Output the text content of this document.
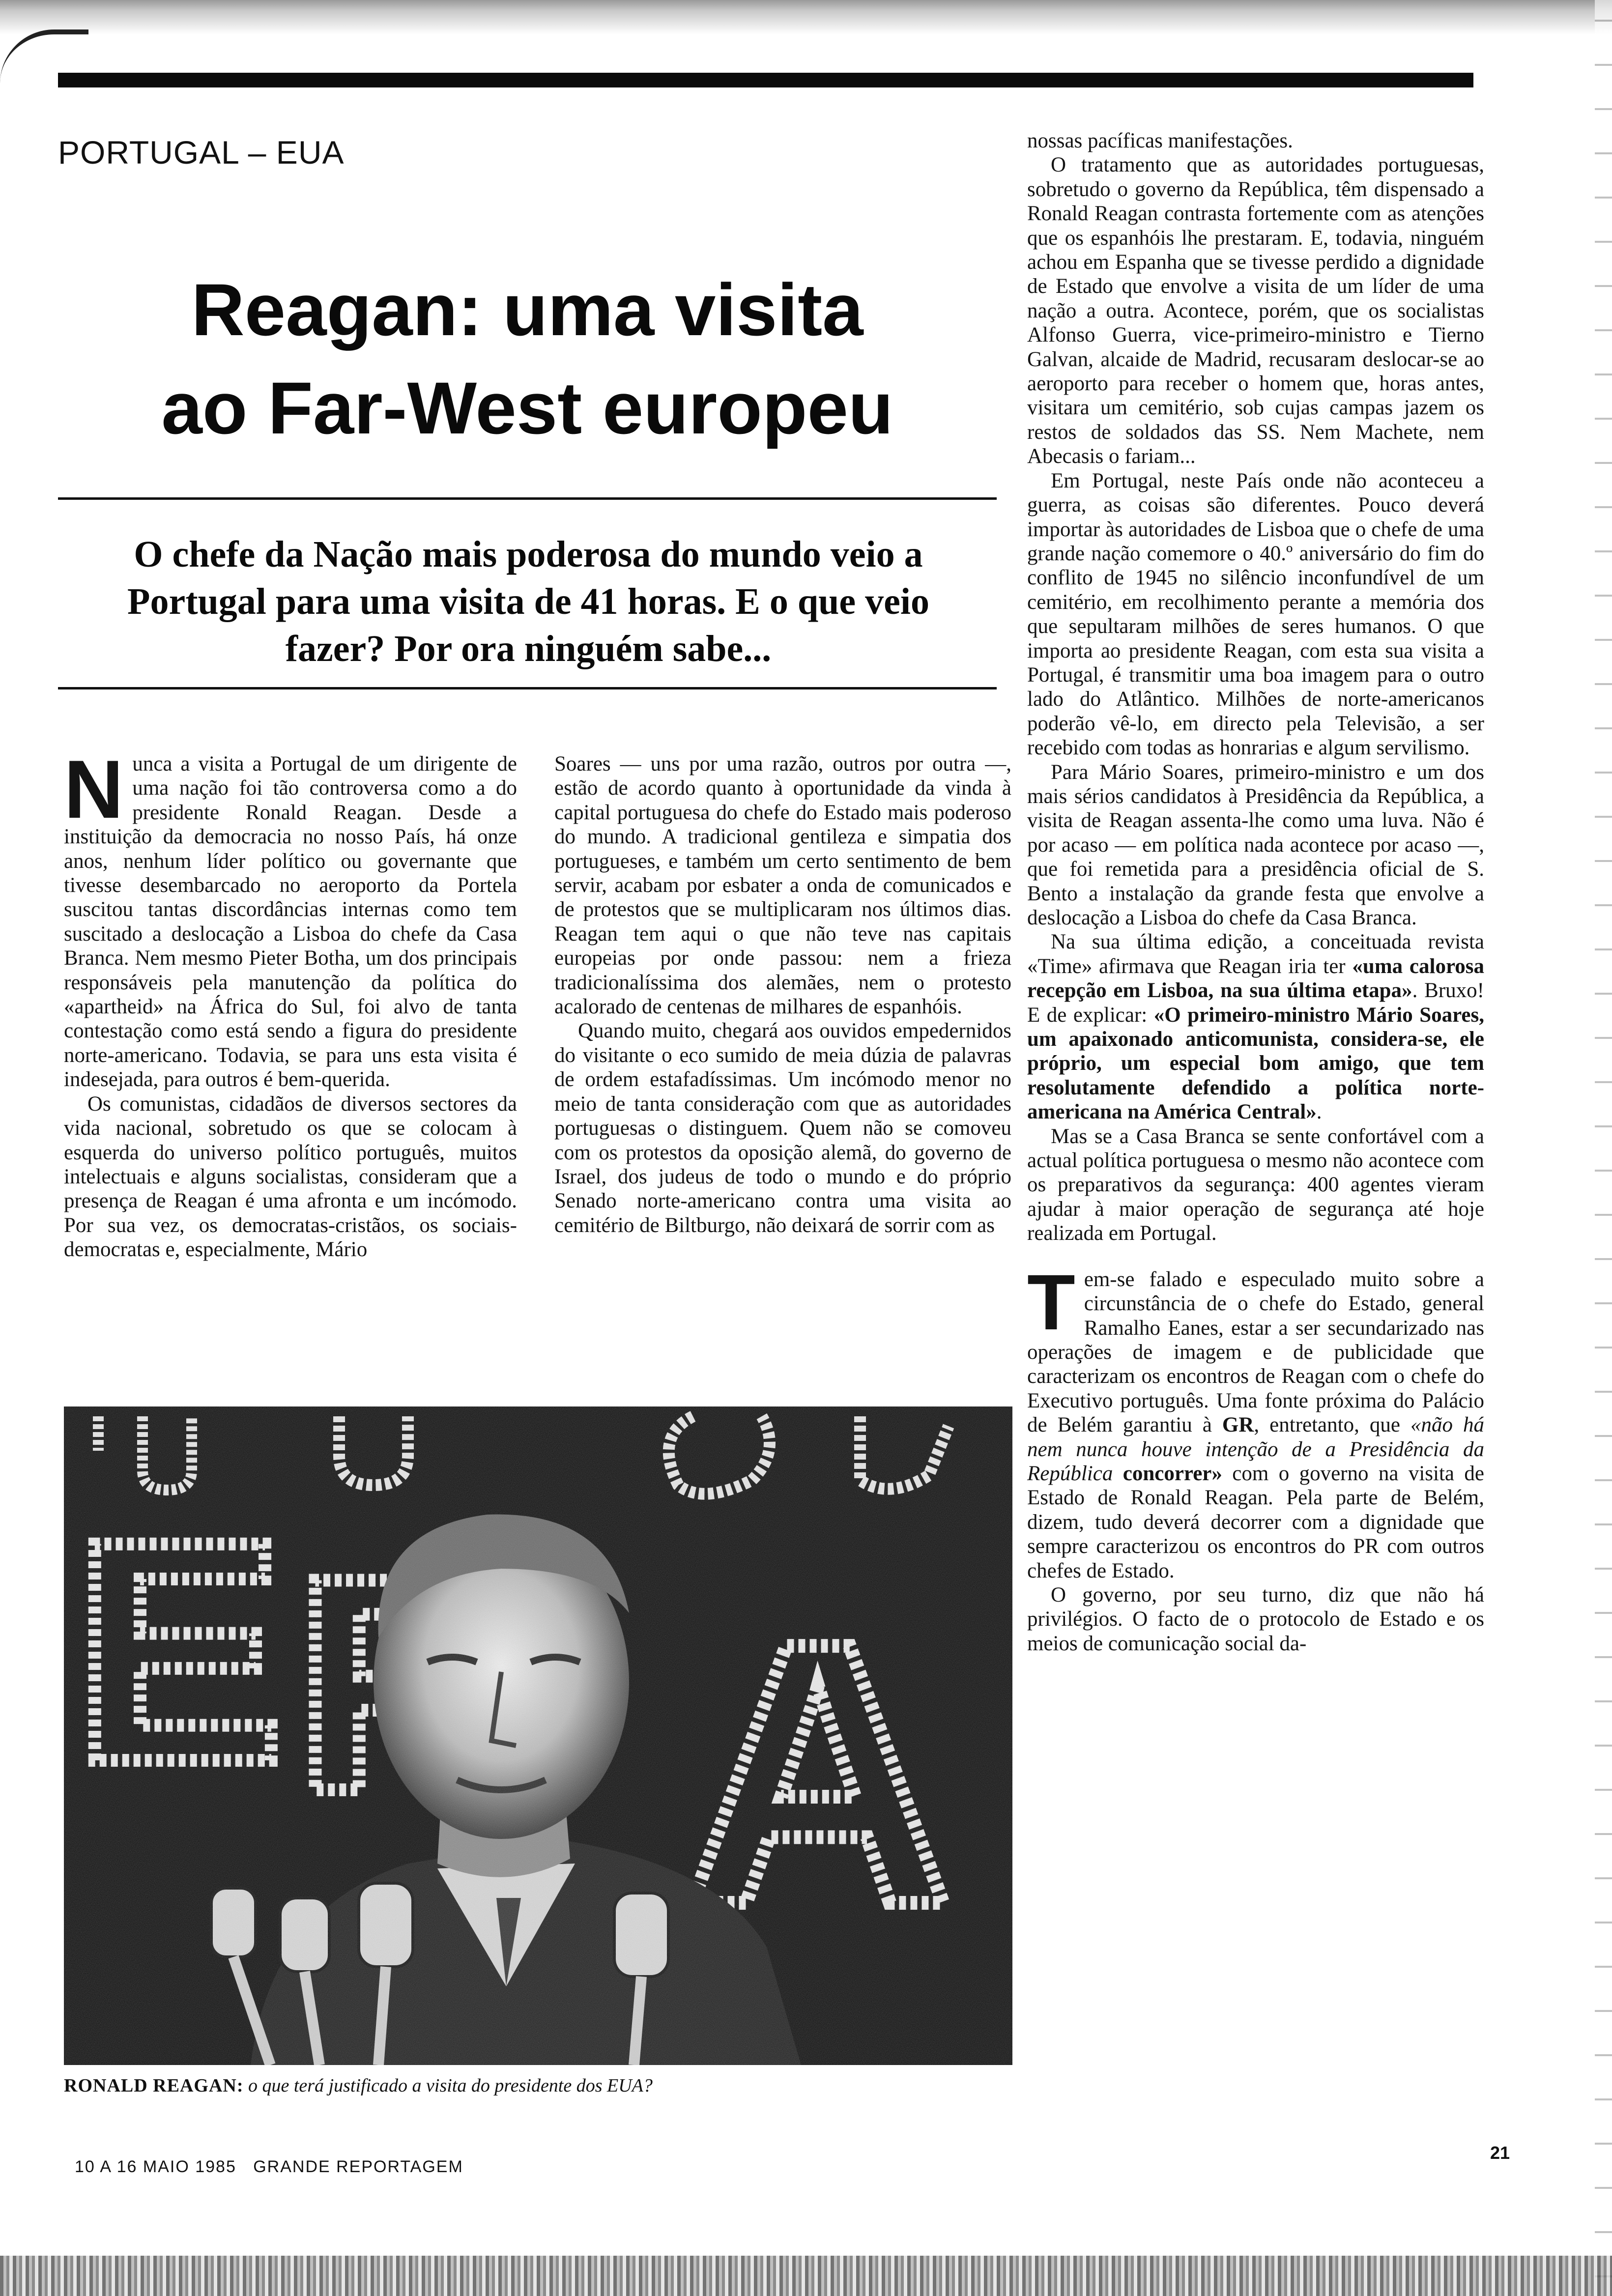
PORTUGAL – EUA
Reagan: uma visita
ao Far-West europeu
O chefe da Nação mais poderosa do mundo veio a Portugal para uma visita de 41 horas. E o que veio fazer? Por ora ninguém sabe...

Nunca a visita a Portugal de um dirigente de uma nação foi tão controversa como a do presidente Ronald Reagan. Desde a instituição da democracia no nosso País, há onze anos, nenhum líder político ou governante que tivesse desembarcado no aeroporto da Portela suscitou tantas discordâncias internas como tem suscitado a deslocação a Lisboa do chefe da Casa Branca. Nem mesmo Pieter Botha, um dos principais responsáveis pela manutenção da política do «apartheid» na África do Sul, foi alvo de tanta contestação como está sendo a figura do presidente norte-americano. Todavia, se para uns esta visita é indesejada, para outros é bem-querida.

Os comunistas, cidadãos de diversos sectores da vida nacional, sobretudo os que se colocam à esquerda do universo político português, muitos intelectuais e alguns socialistas, consideram que a presença de Reagan é uma afronta e um incómodo. Por sua vez, os democratas-cristãos, os sociais-democratas e, especialmente, Mário

Soares — uns por uma razão, outros por outra —, estão de acordo quanto à oportunidade da vinda à capital portuguesa do chefe do Estado mais poderoso do mundo. A tradicional gentileza e simpatia dos portugueses, e também um certo sentimento de bem servir, acabam por esbater a onda de comunicados e de protestos que se multiplicaram nos últimos dias. Reagan tem aqui o que não teve nas capitais europeias por onde passou: nem a frieza tradicionalíssima dos alemães, nem o protesto acalorado de centenas de milhares de espanhóis.

Quando muito, chegará aos ouvidos empedernidos do visitante o eco sumido de meia dúzia de palavras de ordem estafadíssimas. Um incómodo menor no meio de tanta consideração com que as autoridades portuguesas o distinguem. Quem não se comoveu com os protestos da oposição alemã, do governo de Israel, dos judeus de todo o mundo e do próprio Senado norte-americano contra uma visita ao cemitério de Biltburgo, não deixará de sorrir com as

nossas pacíficas manifestações.

O tratamento que as autoridades portuguesas, sobretudo o governo da República, têm dispensado a Ronald Reagan contrasta fortemente com as atenções que os espanhóis lhe prestaram. E, todavia, ninguém achou em Espanha que se tivesse perdido a dignidade de Estado que envolve a visita de um líder de uma nação a outra. Acontece, porém, que os socialistas Alfonso Guerra, vice-primeiro-ministro e Tierno Galvan, alcaide de Madrid, recusaram deslocar-se ao aeroporto para receber o homem que, horas antes, visitara um cemitério, sob cujas campas jazem os restos de soldados das SS. Nem Machete, nem Abecasis o fariam...

Em Portugal, neste País onde não aconteceu a guerra, as coisas são diferentes. Pouco deverá importar às autoridades de Lisboa que o chefe de uma grande nação comemore o 40.º aniversário do fim do conflito de 1945 no silêncio inconfundível de um cemitério, em recolhimento perante a memória dos que sepultaram milhões de seres humanos. O que importa ao presidente Reagan, com esta sua visita a Portugal, é transmitir uma boa imagem para o outro lado do Atlântico. Milhões de norte-americanos poderão vê-lo, em directo pela Televisão, a ser recebido com todas as honrarias e algum servilismo.

Para Mário Soares, primeiro-ministro e um dos mais sérios candidatos à Presidência da República, a visita de Reagan assenta-lhe como uma luva. Não é por acaso — em política nada acontece por acaso —, que foi remetida para a presidência oficial de S. Bento a instalação da grande festa que envolve a deslocação a Lisboa do chefe da Casa Branca.

Na sua última edição, a conceituada revista «Time» afirmava que Reagan iria ter «uma calorosa recepção em Lisboa, na sua última etapa». Bruxo! E de explicar: «O primeiro-ministro Mário Soares, um apaixonado anticomunista, considera-se, ele próprio, um especial bom amigo, que tem resolutamente defendido a política norte-americana na América Central».

Mas se a Casa Branca se sente confortável com a actual política portuguesa o mesmo não acontece com os preparativos da segurança: 400 agentes vieram ajudar à maior operação de segurança até hoje realizada em Portugal.

Tem-se falado e especulado muito sobre a circunstância de o chefe do Estado, general Ramalho Eanes, estar a ser secundarizado nas operações de imagem e de publicidade que caracterizam os encontros de Reagan com o chefe do Executivo português. Uma fonte próxima do Palácio de Belém garantiu à GR, entretanto, que «não há nem nunca houve intenção de a Presidência da República concorrer» com o governo na visita de Estado de Ronald Reagan. Pela parte de Belém, dizem, tudo deverá decorrer com a dignidade que sempre caracterizou os encontros do PR com outros chefes de Estado.

O governo, por seu turno, diz que não há privilégios. O facto de o protocolo de Estado e os meios de comunicação social da-

RONALD REAGAN: o que terá justificado a visita do presidente dos EUA?
10 A 16 MAIO 1985   GRANDE REPORTAGEM
21
